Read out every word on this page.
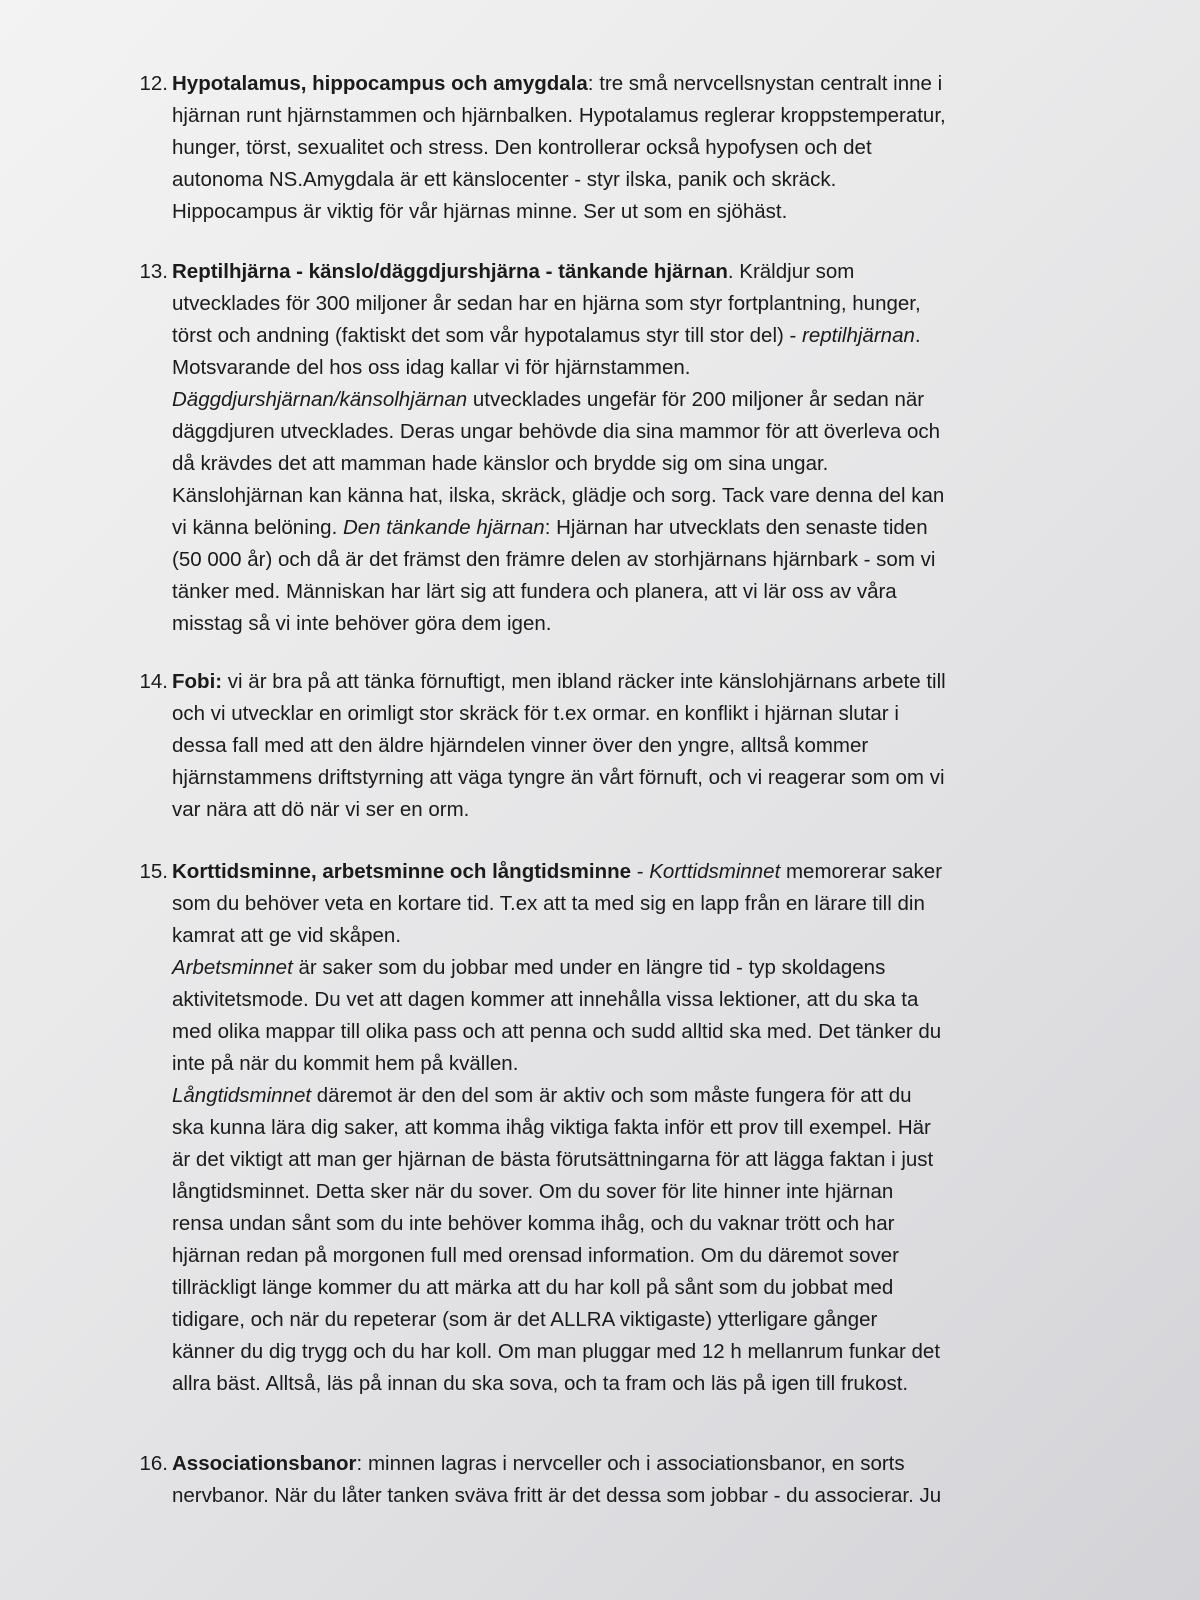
12. Hypotalamus, hippocampus och amygdala: tre små nervcellsnystan centralt inne i
hjärnan runt hjärnstammen och hjärnbalken. Hypotalamus reglerar kroppstemperatur,
hunger, törst, sexualitet och stress. Den kontrollerar också hypofysen och det
autonoma NS.Amygdala är ett känslocenter - styr ilska, panik och skräck.
Hippocampus är viktig för vår hjärnas minne. Ser ut som en sjöhäst.
13. Reptilhjärna - känslo/däggdjurshjärna - tänkande hjärnan. Kräldjur som
utvecklades för 300 miljoner år sedan har en hjärna som styr fortplantning, hunger,
törst och andning (faktiskt det som vår hypotalamus styr till stor del) - reptilhjärnan.
Motsvarande del hos oss idag kallar vi för hjärnstammen.
Däggdjurshjärnan/känsolhjärnan utvecklades ungefär för 200 miljoner år sedan när
däggdjuren utvecklades. Deras ungar behövde dia sina mammor för att överleva och
då krävdes det att mamman hade känslor och brydde sig om sina ungar.
Känslohjärnan kan känna hat, ilska, skräck, glädje och sorg. Tack vare denna del kan
vi känna belöning. Den tänkande hjärnan: Hjärnan har utvecklats den senaste tiden
(50 000 år) och då är det främst den främre delen av storhjärnans hjärnbark - som vi
tänker med. Människan har lärt sig att fundera och planera, att vi lär oss av våra
misstag så vi inte behöver göra dem igen.
14. Fobi: vi är bra på att tänka förnuftigt, men ibland räcker inte känslohjärnans arbete till
och vi utvecklar en orimligt stor skräck för t.ex ormar. en konflikt i hjärnan slutar i
dessa fall med att den äldre hjärndelen vinner över den yngre, alltså kommer
hjärnstammens driftstyrning att väga tyngre än vårt förnuft, och vi reagerar som om vi
var nära att dö när vi ser en orm.
15. Korttidsminne, arbetsminne och långtidsminne - Korttidsminnet memorerar saker
som du behöver veta en kortare tid. T.ex att ta med sig en lapp från en lärare till din
kamrat att ge vid skåpen.
Arbetsminnet är saker som du jobbar med under en längre tid - typ skoldagens
aktivitetsmode. Du vet att dagen kommer att innehålla vissa lektioner, att du ska ta
med olika mappar till olika pass och att penna och sudd alltid ska med. Det tänker du
inte på när du kommit hem på kvällen.
Långtidsminnet däremot är den del som är aktiv och som måste fungera för att du
ska kunna lära dig saker, att komma ihåg viktiga fakta inför ett prov till exempel. Här
är det viktigt att man ger hjärnan de bästa förutsättningarna för att lägga faktan i just
långtidsminnet. Detta sker när du sover. Om du sover för lite hinner inte hjärnan
rensa undan sånt som du inte behöver komma ihåg, och du vaknar trött och har
hjärnan redan på morgonen full med orensad information. Om du däremot sover
tillräckligt länge kommer du att märka att du har koll på sånt som du jobbat med
tidigare, och när du repeterar (som är det ALLRA viktigaste) ytterligare gånger
känner du dig trygg och du har koll. Om man pluggar med 12 h mellanrum funkar det
allra bäst. Alltså, läs på innan du ska sova, och ta fram och läs på igen till frukost.
16. Associationsbanor: minnen lagras i nervceller och i associationsbanor, en sorts
nervbanor. När du låter tanken sväva fritt är det dessa som jobbar - du associerar. Ju
